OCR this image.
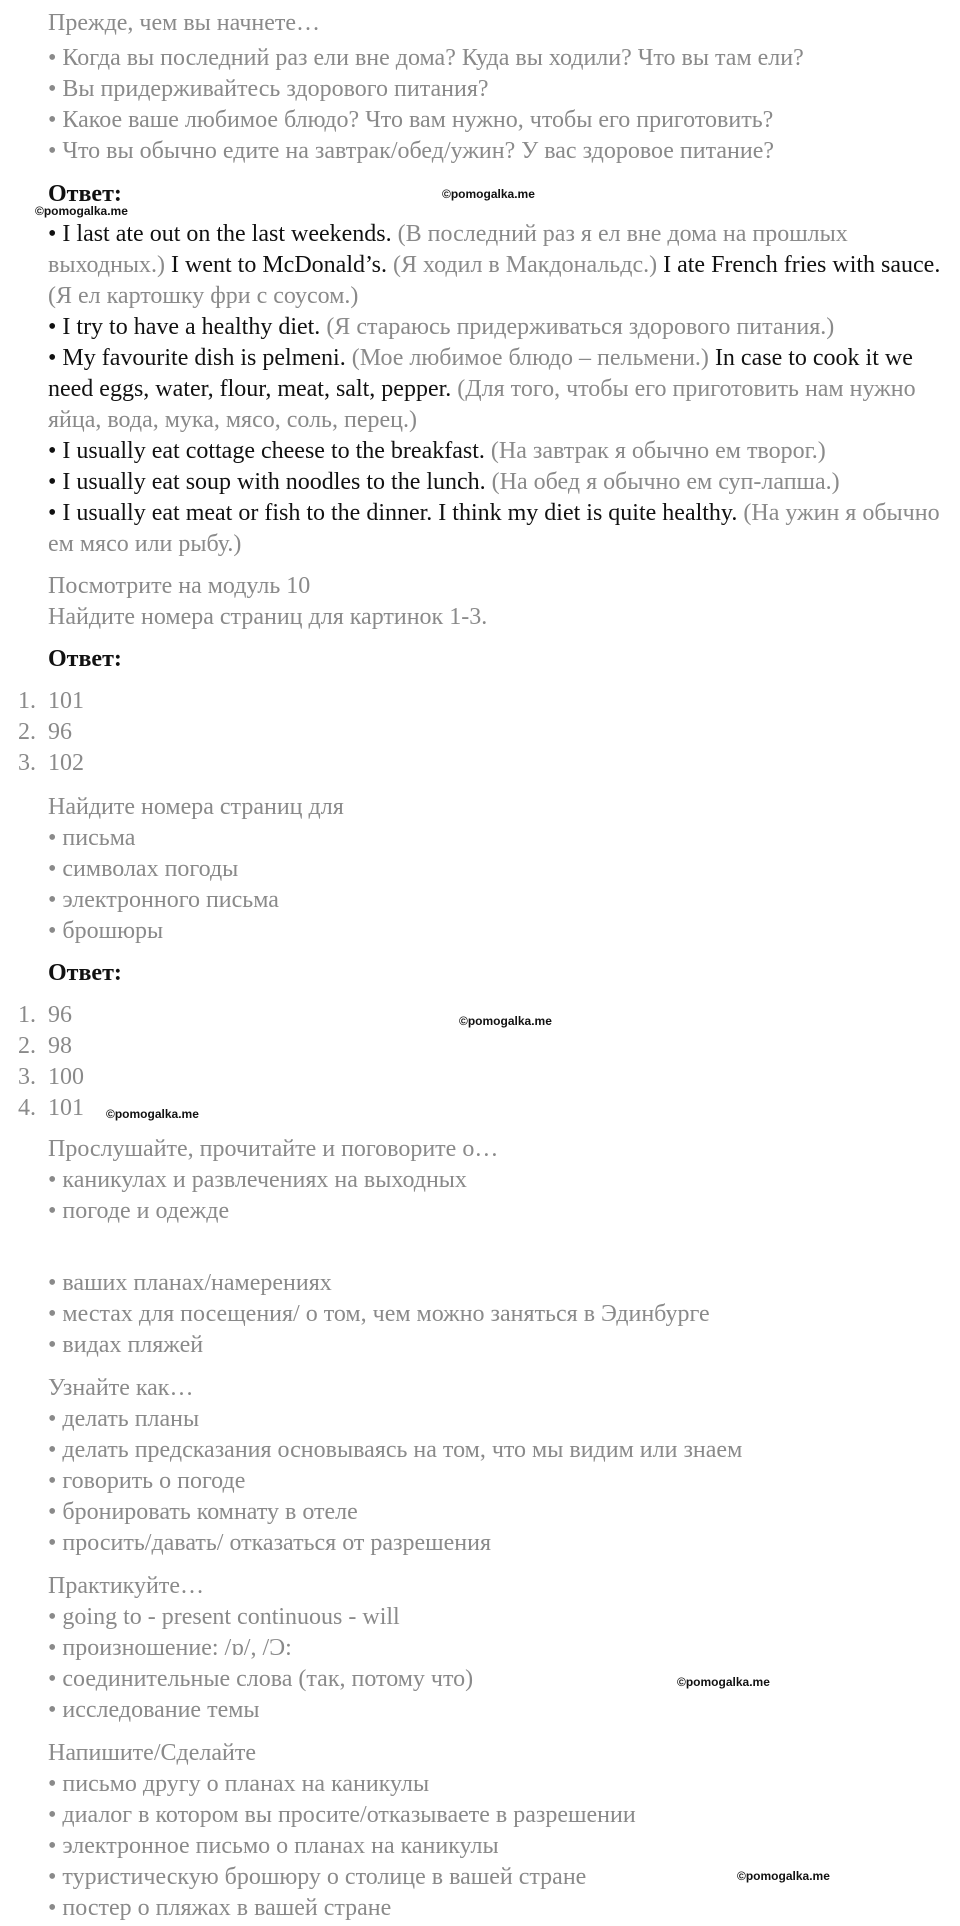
Прежде, чем вы начнете…
• Когда вы последний раз ели вне дома? Куда вы ходили? Что вы там ели?
• Вы придерживайтесь здорового питания?
• Какое ваше любимое блюдо? Что вам нужно, чтобы его приготовить?
• Что вы обычно едите на завтрак/обед/ужин? У вас здоровое питание?
Ответ:	©pomogalka.me
©pomogalka.me

• I last ate out on the last weekends. (В последний раз я ел вне дома на прошлых выходных.) I went to McDonald’s. (Я ходил в Макдональдс.) I ate French fries with sauce. (Я ел картошку фри с соусом.)

• I try to have a healthy diet. (Я стараюсь придерживаться здорового питания.)

• My favourite dish is pelmeni. (Мое любимое блюдо – пельмени.) In case to cook it we need eggs, water, flour, meat, salt, pepper. (Для того, чтобы его приготовить нам нужно яйца, вода, мука, мясо, соль, перец.)

• I usually eat cottage cheese to the breakfast. (На завтрак я обычно ем творог.)

• I usually eat soup with noodles to the lunch. (На обед я обычно ем суп-лапша.)

• I usually eat meat or fish to the dinner. I think my diet is quite healthy. (На ужин я обычно ем мясо или рыбу.)

Посмотрите на модуль 10
Найдите номера страниц для картинок 1-3.
Ответ:
1. 101
2. 96
3. 102
Найдите номера страниц для
• письма
• символах погоды
• электронного письма
• брошюры
Ответ:
1. 96	©pomogalka.me
2. 98
3. 100
4. 101 ©pomogalka.me
Прослушайте, прочитайте и поговорите о…
• каникулах и развлечениях на выходных
• погоде и одежде
• ваших планах/намерениях
• местах для посещения/ о том, чем можно заняться в Эдинбурге
• видах пляжей
Узнайте как…
• делать планы
• делать предсказания основываясь на том, что мы видим или знаем
• говорить о погоде
• бронировать комнату в отеле
• просить/давать/ отказаться от разрешения
Практикуйте…
• going to - present continuous - will
• произношение: /ɒ/, /Ɔ:
• соединительные слова (так, потому что)	©pomogalka.me
• исследование темы
Напишите/Сделайте
• письмо другу о планах на каникулы
• диалог в котором вы просите/отказываете в разрешении
• электронное письмо о планах на каникулы
• туристическую брошюру о столице в вашей стране	©pomogalka.me
• постер о пляжах в вашей стране
